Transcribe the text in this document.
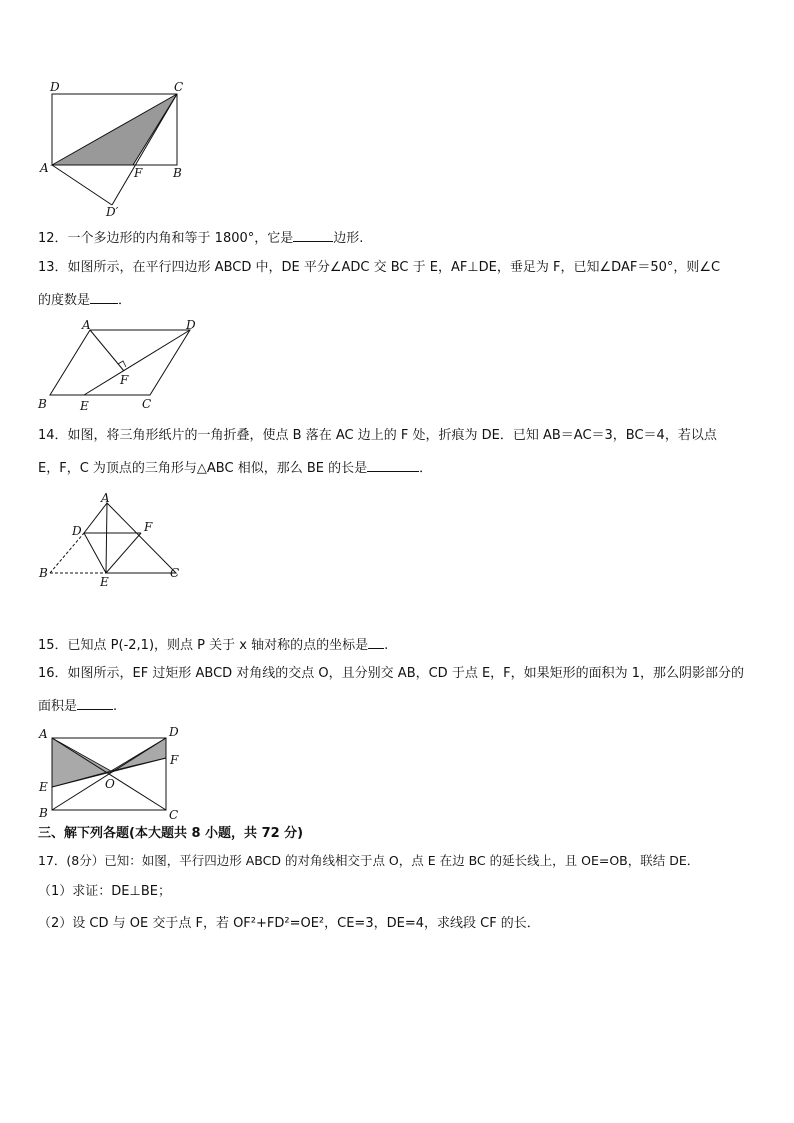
D	C
A	F	B
D′
12．一个多边形的内角和等于 1800°，它是	边形.
13．如图所示，在平行四边形 ABCD 中，DE 平分∠ADC 交 BC 于 E，AF⊥DE，垂足为 F，已知∠DAF＝50°，则∠C
的度数是 ．
A	D
F
B	E	C
14．如图，将三角形纸片的一角折叠，使点 B 落在 AC 边上的 F 处，折痕为 DE．已知 AB＝AC＝3，BC＝4，若以点
E，F，C 为顶点的三角形与△ABC 相似，那么 BE 的长是	．
A
D	F
B
E
C
15．已知点 P(-2,1)，则点 P 关于 x 轴对称的点的坐标是 .
16．如图所示，EF 过矩形 ABCD 对角线的交点 O，且分别交 AB，CD 于点 E，F，如果矩形的面积为 1，那么阴影部分的
面积是	.
A	D
F
E	O
B	C
三、解下列各题(本大题共 8 小题，共 72 分)
17．(8分）已知：如图，平行四边形 ABCD 的对角线相交于点 O，点 E 在边 BC 的延长线上，且 OE=OB，联结 DE．
（1）求证：DE⊥BE；
（2）设 CD 与 OE 交于点 F，若 OF²+FD²=OE²，CE=3，DE=4，求线段 CF 的长．
